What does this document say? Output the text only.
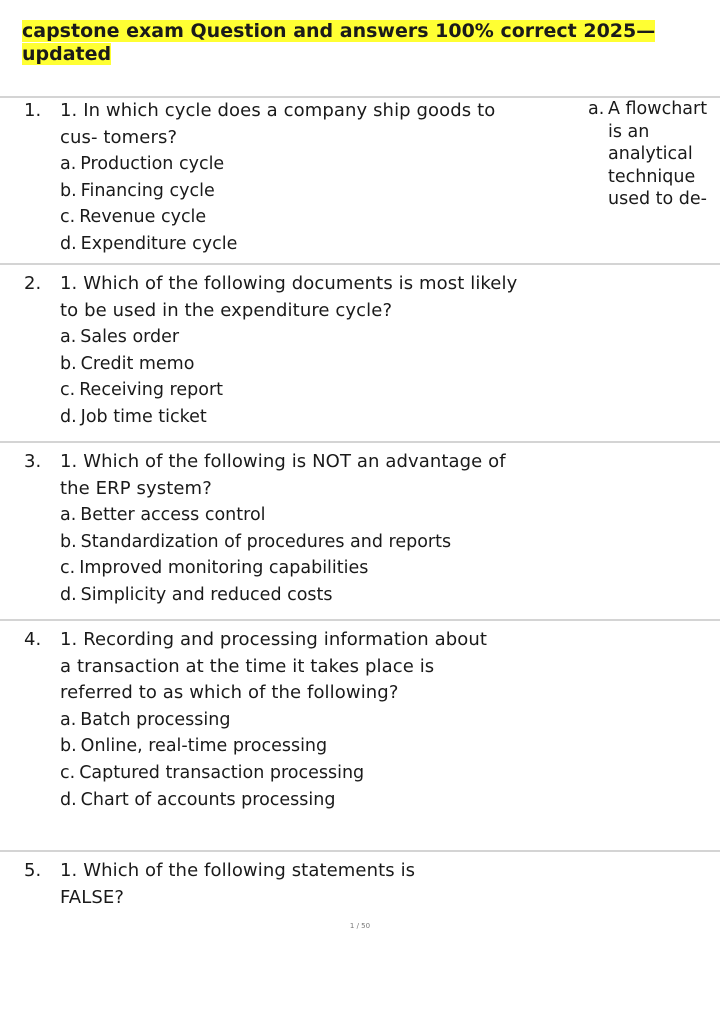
capstone exam Question and answers 100% correct 2025— updated
1. 1. In which cycle does a company ship goods to cus- tomers?

a. Production cycle
b. Financing cycle
c. Revenue cycle
d. Expenditure cycle
a. A flowchart is an analytical technique used to de-
2. 1. Which of the following documents is most likely to be used in the expenditure cycle?

a. Sales order
b. Credit memo
c. Receiving report
d. Job time ticket
3. 1. Which of the following is NOT an advantage of the ERP system?

a. Better access control
b. Standardization of procedures and reports
c. Improved monitoring capabilities
d. Simplicity and reduced costs
4. 1. Recording and processing information about a transaction at the time it takes place is referred to as which of the following?

a. Batch processing
b. Online, real-time processing
c. Captured transaction processing
d. Chart of accounts processing
5. 1. Which of the following statements is FALSE?

1 / 50
